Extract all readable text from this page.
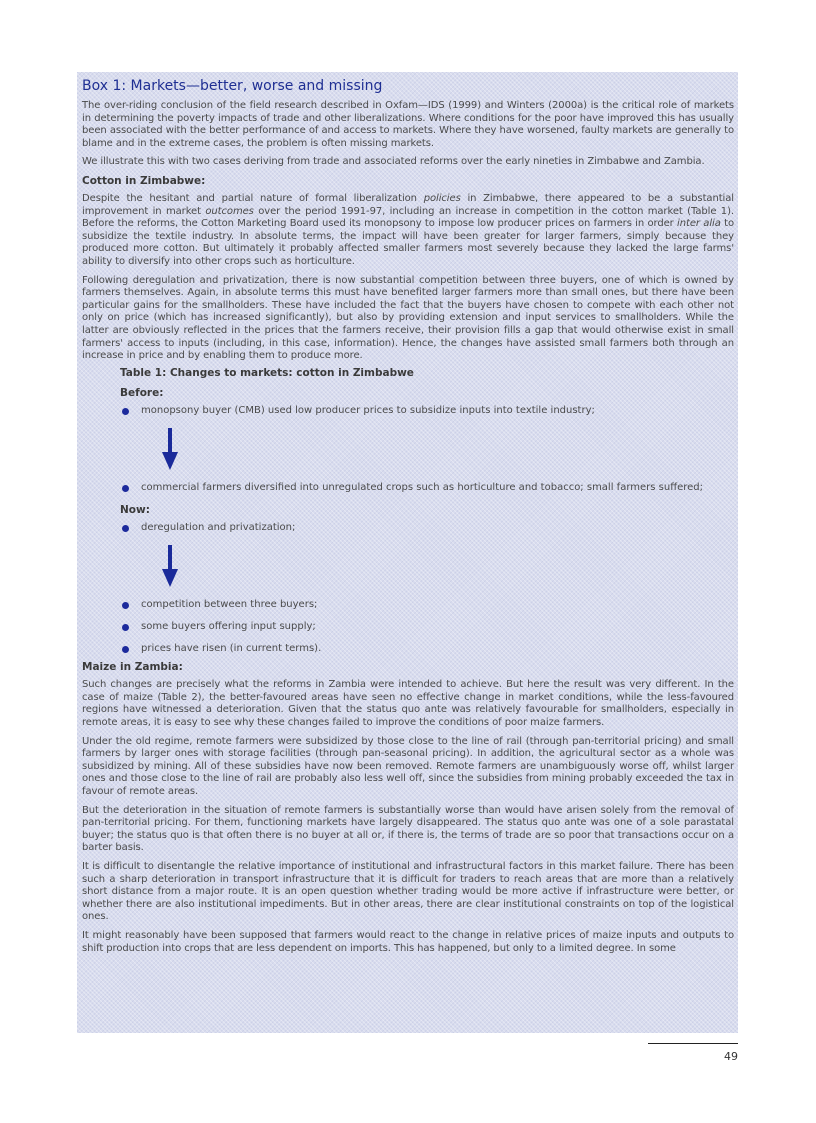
Box 1: Markets—better, worse and missing

The over-riding conclusion of the field research described in Oxfam—IDS (1999) and Winters (2000a) is the critical role of markets in determining the poverty impacts of trade and other liberalizations. Where conditions for the poor have improved this has usually been associated with the better performance of and access to markets. Where they have worsened, faulty markets are generally to blame and in the extreme cases, the problem is often missing markets.

We illustrate this with two cases deriving from trade and associated reforms over the early nineties in Zimbabwe and Zambia.

Cotton in Zimbabwe:

Despite the hesitant and partial nature of formal liberalization policies in Zimbabwe, there appeared to be a substantial improvement in market outcomes over the period 1991-97, including an increase in competition in the cotton market (Table 1). Before the reforms, the Cotton Marketing Board used its monopsony to impose low producer prices on farmers in order inter alia to subsidize the textile industry. In absolute terms, the impact will have been greater for larger farmers, simply because they produced more cotton. But ultimately it probably affected smaller farmers most severely because they lacked the large farms' ability to diversify into other crops such as horticulture.

Following deregulation and privatization, there is now substantial competition between three buyers, one of which is owned by farmers themselves. Again, in absolute terms this must have benefited larger farmers more than small ones, but there have been particular gains for the smallholders. These have included the fact that the buyers have chosen to compete with each other not only on price (which has increased significantly), but also by providing extension and input services to smallholders. While the latter are obviously reflected in the prices that the farmers receive, their provision fills a gap that would otherwise exist in small farmers' access to inputs (including, in this case, information). Hence, the changes have assisted small farmers both through an increase in price and by enabling them to produce more.

Table 1: Changes to markets: cotton in Zimbabwe
Before:
monopsony buyer (CMB) used low producer prices to subsidize inputs into textile industry;
commercial farmers diversified into unregulated crops such as horticulture and tobacco; small farmers suffered;
Now:
deregulation and privatization;
competition between three buyers;
some buyers offering input supply;
prices have risen (in current terms).
Maize in Zambia:

Such changes are precisely what the reforms in Zambia were intended to achieve. But here the result was very different. In the case of maize (Table 2), the better-favoured areas have seen no effective change in market conditions, while the less-favoured regions have witnessed a deterioration. Given that the status quo ante was relatively favourable for smallholders, especially in remote areas, it is easy to see why these changes failed to improve the conditions of poor maize farmers.

Under the old regime, remote farmers were subsidized by those close to the line of rail (through pan-territorial pricing) and small farmers by larger ones with storage facilities (through pan-seasonal pricing). In addition, the agricultural sector as a whole was subsidized by mining. All of these subsidies have now been removed. Remote farmers are unambiguously worse off, whilst larger ones and those close to the line of rail are probably also less well off, since the subsidies from mining probably exceeded the tax in favour of remote areas.

But the deterioration in the situation of remote farmers is substantially worse than would have arisen solely from the removal of pan-territorial pricing. For them, functioning markets have largely disappeared. The status quo ante was one of a sole parastatal buyer; the status quo is that often there is no buyer at all or, if there is, the terms of trade are so poor that transactions occur on a barter basis.

It is difficult to disentangle the relative importance of institutional and infrastructural factors in this market failure. There has been such a sharp deterioration in transport infrastructure that it is difficult for traders to reach areas that are more than a relatively short distance from a major route. It is an open question whether trading would be more active if infrastructure were better, or whether there are also institutional impediments. But in other areas, there are clear institutional constraints on top of the logistical ones.

It might reasonably have been supposed that farmers would react to the change in relative prices of maize inputs and outputs to shift production into crops that are less dependent on imports. This has happened, but only to a limited degree. In some

49
